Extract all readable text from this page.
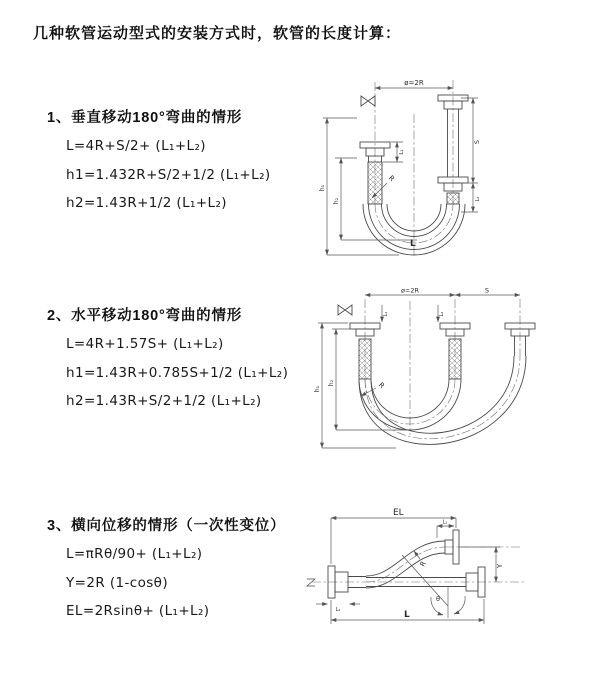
几种软管运动型式的安装方式时，软管的长度计算：
1、垂直移动180°弯曲的情形
L=4R+S/2+ (L₁+L₂)
h1=1.432R+S/2+1/2 (L₁+L₂)
h2=1.43R+1/2 (L₁+L₂)
2、水平移动180°弯曲的情形
L=4R+1.57S+ (L₁+L₂)
h1=1.43R+0.785S+1/2 (L₁+L₂)
h2=1.43R+S/2+1/2 (L₁+L₂)
3、横向位移的情形（一次性变位）
L=πRθ/90+ (L₁+L₂)
Y=2R (1-cosθ)
EL=2Rsinθ+ (L₁+L₂)
ø=2R
L₁
S
L₂
h₁
h₂
R
L
ø=2R	S
L₁	L₂
h₁
h₂	R
EL
L₁
Y
R
θ
L
L₂
